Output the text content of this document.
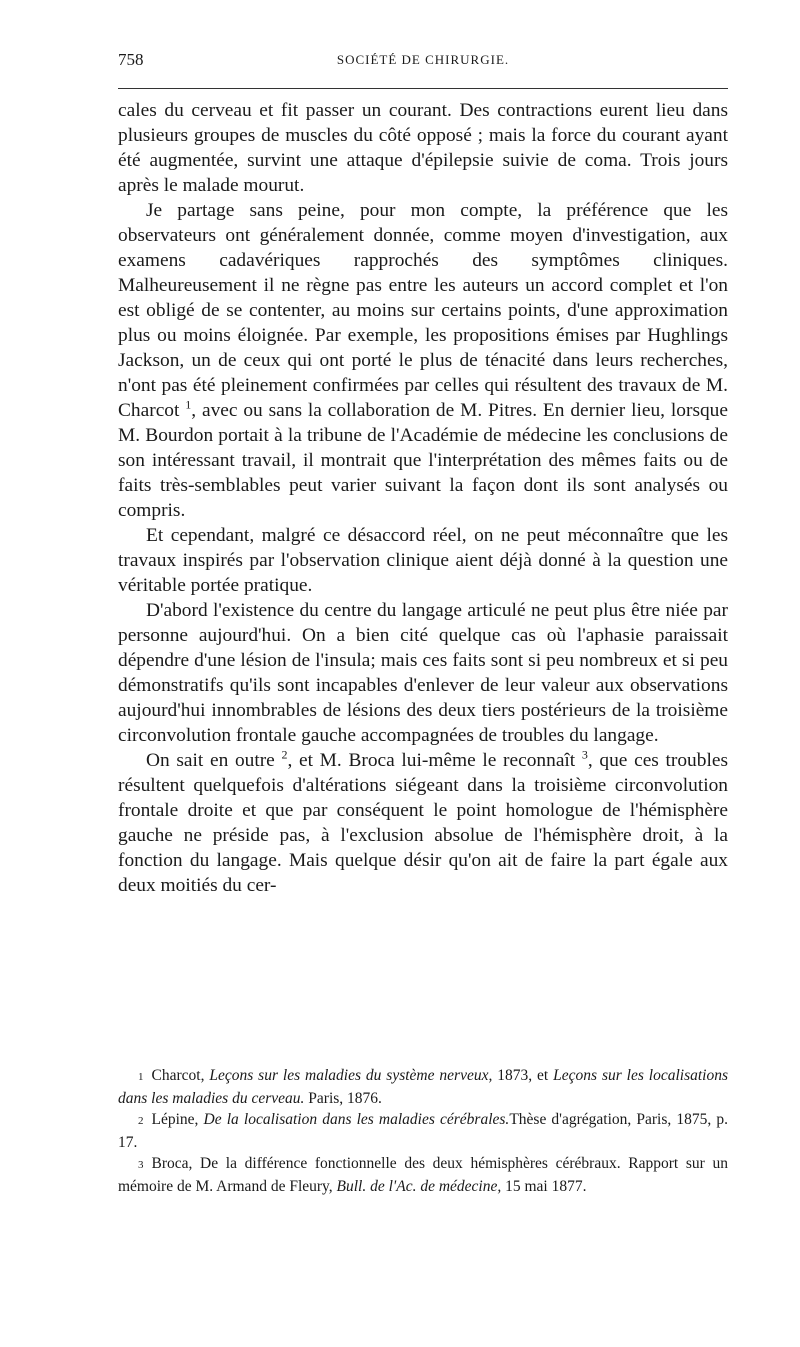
758	SOCIÉTÉ DE CHIRURGIE.

cales du cerveau et fit passer un courant. Des contractions eurent lieu dans plusieurs groupes de muscles du côté opposé ; mais la force du courant ayant été augmentée, survint une attaque d'épilepsie suivie de coma. Trois jours après le malade mourut.

Je partage sans peine, pour mon compte, la préférence que les observateurs ont généralement donnée, comme moyen d'investigation, aux examens cadavériques rapprochés des symptômes cliniques. Malheureusement il ne règne pas entre les auteurs un accord complet et l'on est obligé de se contenter, au moins sur certains points, d'une approximation plus ou moins éloignée. Par exemple, les propositions émises par Hughlings Jackson, un de ceux qui ont porté le plus de ténacité dans leurs recherches, n'ont pas été pleinement confirmées par celles qui résultent des travaux de M. Charcot $^1$, avec ou sans la collaboration de M. Pitres. En dernier lieu, lorsque M. Bourdon portait à la tribune de l'Académie de médecine les conclusions de son intéressant travail, il montrait que l'interprétation des mêmes faits ou de faits très-semblables peut varier suivant la façon dont ils sont analysés ou compris.

Et cependant, malgré ce désaccord réel, on ne peut méconnaître que les travaux inspirés par l'observation clinique aient déjà donné à la question une véritable portée pratique.

D'abord l'existence du centre du langage articulé ne peut plus être niée par personne aujourd'hui. On a bien cité quelque cas où l'aphasie paraissait dépendre d'une lésion de l'insula; mais ces faits sont si peu nombreux et si peu démonstratifs qu'ils sont incapables d'enlever de leur valeur aux observations aujourd'hui innombrables de lésions des deux tiers postérieurs de la troisième circonvolution frontale gauche accompagnées de troubles du langage.

On sait en outre $^2$, et M. Broca lui-même le reconnaît $^3$, que ces troubles résultent quelquefois d'altérations siégeant dans la troisième circonvolution frontale droite et que par conséquent le point homologue de l'hémisphère gauche ne préside pas, à l'exclusion absolue de l'hémisphère droit, à la fonction du langage. Mais quelque désir qu'on ait de faire la part égale aux deux moitiés du cer-

1 Charcot, Leçons sur les maladies du système nerveux, 1873, et Leçons sur les localisations dans les maladies du cerveau. Paris, 1876.

2 Lépine, De la localisation dans les maladies cérébrales.Thèse d'agrégation, Paris, 1875, p. 17.

3 Broca, De la différence fonctionnelle des deux hémisphères cérébraux. Rapport sur un mémoire de M. Armand de Fleury, Bull. de l'Ac. de médecine, 15 mai 1877.
